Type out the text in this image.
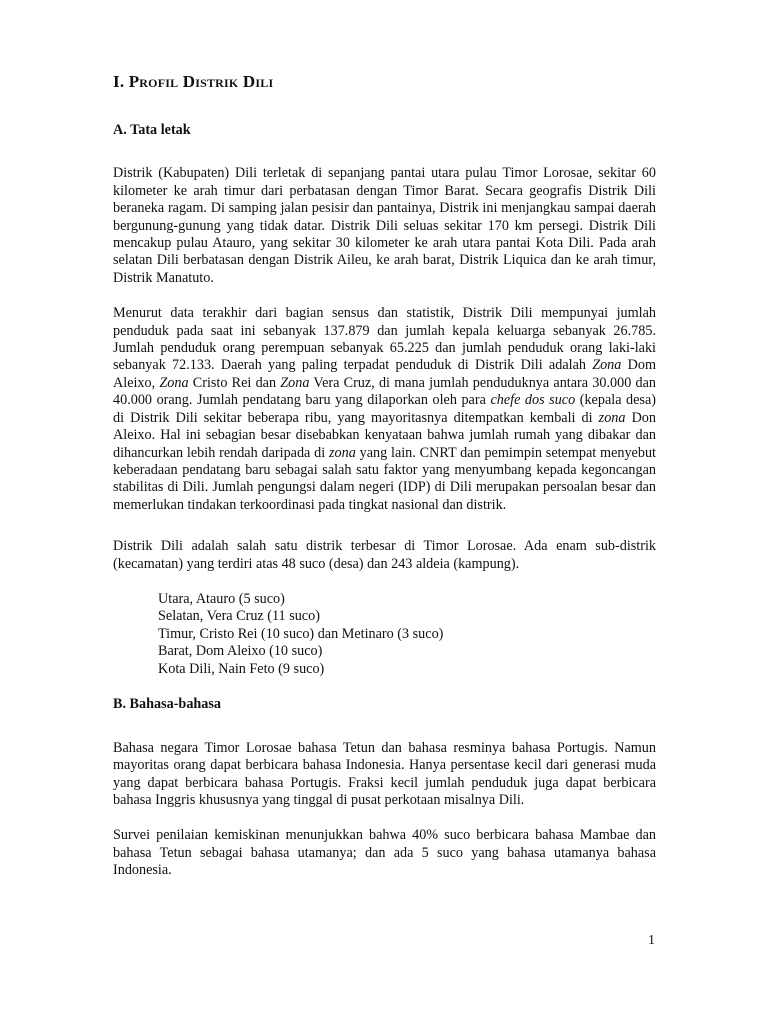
I. Profil Distrik Dili
A. Tata letak

Distrik (Kabupaten) Dili terletak di sepanjang pantai utara pulau Timor Lorosae, sekitar 60 kilometer ke arah timur dari perbatasan dengan Timor Barat. Secara geografis Distrik Dili beraneka ragam. Di samping jalan pesisir dan pantainya, Distrik ini menjangkau sampai daerah bergunung-gunung yang tidak datar. Distrik Dili seluas sekitar 170 km persegi. Distrik Dili mencakup pulau Atauro, yang sekitar 30 kilometer ke arah utara pantai Kota Dili. Pada arah selatan Dili berbatasan dengan Distrik Aileu, ke arah barat, Distrik Liquica dan ke arah timur, Distrik Manatuto.

Menurut data terakhir dari bagian sensus dan statistik, Distrik Dili mempunyai jumlah penduduk pada saat ini sebanyak 137.879 dan jumlah kepala keluarga sebanyak 26.785. Jumlah penduduk orang perempuan sebanyak 65.225 dan jumlah penduduk orang laki-laki sebanyak 72.133. Daerah yang paling terpadat penduduk di Distrik Dili adalah Zona Dom Aleixo, Zona Cristo Rei dan Zona Vera Cruz, di mana jumlah penduduknya antara 30.000 dan 40.000 orang. Jumlah pendatang baru yang dilaporkan oleh para chefe dos suco (kepala desa) di Distrik Dili sekitar beberapa ribu, yang mayoritasnya ditempatkan kembali di zona Don Aleixo. Hal ini sebagian besar disebabkan kenyataan bahwa jumlah rumah yang dibakar dan dihancurkan lebih rendah daripada di zona yang lain. CNRT dan pemimpin setempat menyebut keberadaan pendatang baru sebagai salah satu faktor yang menyumbang kepada kegoncangan stabilitas di Dili. Jumlah pengungsi dalam negeri (IDP) di Dili merupakan persoalan besar dan memerlukan tindakan terkoordinasi pada tingkat nasional dan distrik.

Distrik Dili adalah salah satu distrik terbesar di Timor Lorosae. Ada enam sub-distrik (kecamatan) yang terdiri atas 48 suco (desa) dan 243 aldeia (kampung).

Utara, Atauro (5 suco)
Selatan, Vera Cruz (11 suco)
Timur, Cristo Rei (10 suco) dan Metinaro (3 suco)
Barat, Dom Aleixo (10 suco)
Kota Dili, Nain Feto (9 suco)
B. Bahasa-bahasa

Bahasa negara Timor Lorosae bahasa Tetun dan bahasa resminya bahasa Portugis. Namun mayoritas orang dapat berbicara bahasa Indonesia. Hanya persentase kecil dari generasi muda yang dapat berbicara bahasa Portugis. Fraksi kecil jumlah penduduk juga dapat berbicara bahasa Inggris khususnya yang tinggal di pusat perkotaan misalnya Dili.

Survei penilaian kemiskinan menunjukkan bahwa 40% suco berbicara bahasa Mambae dan bahasa Tetun sebagai bahasa utamanya; dan ada 5 suco yang bahasa utamanya bahasa Indonesia.

1
